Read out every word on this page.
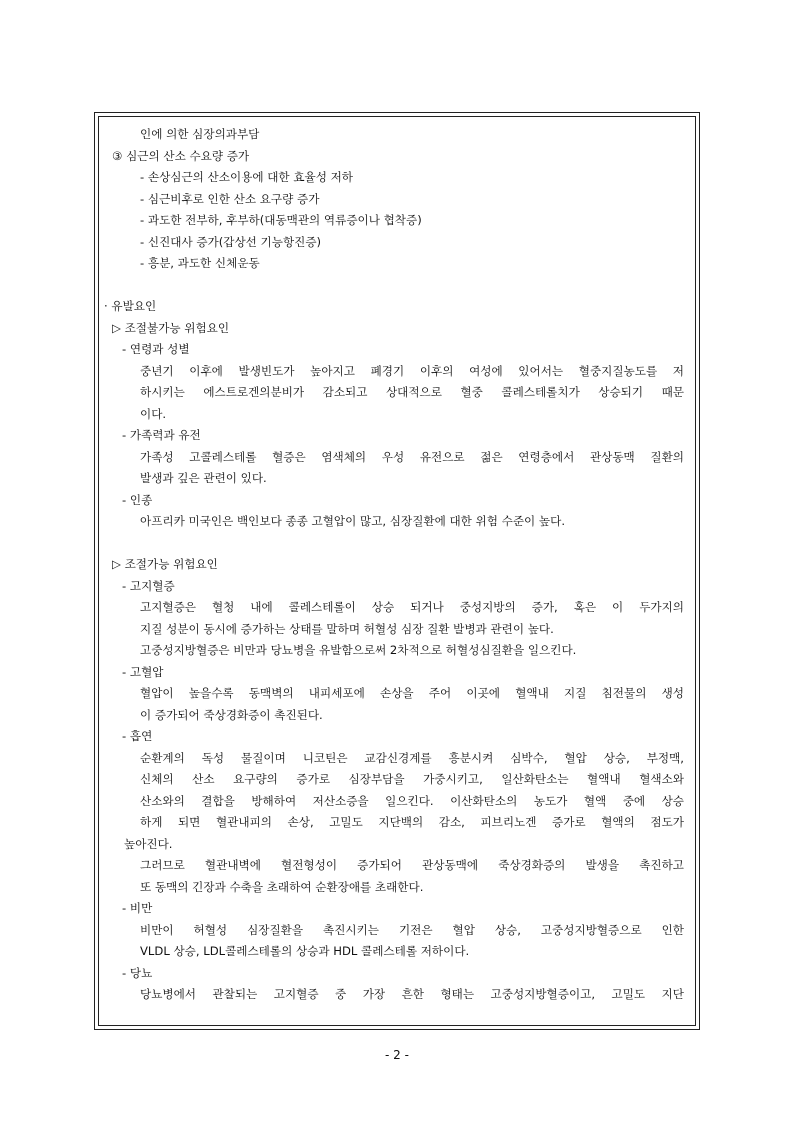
인에 의한 심장의과부담
③ 심근의 산소 수요량 증가
- 손상심근의 산소이용에 대한 효율성 저하
- 심근비후로 인한 산소 요구량 증가
- 과도한 전부하, 후부하(대동맥관의 역류증이나 협착증)
- 신진대사 증가(갑상선 기능항진증)
- 흥분, 과도한 신체운동
· 유발요인
▷ 조절불가능 위험요인
- 연령과 성별
중년기 이후에 발생빈도가 높아지고 폐경기 이후의 여성에 있어서는 혈중지질농도를 저
하시키는 에스트로겐의분비가 감소되고 상대적으로 혈중 콜레스테롤치가 상승되기 때문
이다.
- 가족력과 유전
가족성 고콜레스테롤 혈증은 염색체의 우성 유전으로 젊은 연령층에서 관상동맥 질환의
발생과 깊은 관련이 있다.
- 인종
아프리카 미국인은 백인보다 종종 고혈압이 많고, 심장질환에 대한 위험 수준이 높다.
▷ 조절가능 위험요인
- 고지혈증
고지혈증은 혈청 내에 콜레스테롤이 상승 되거나 중성지방의 증가, 혹은 이 두가지의
지질 성분이 동시에 증가하는 상태를 말하며 허혈성 심장 질환 발병과 관련이 높다.
고중성지방혈증은 비만과 당뇨병을 유발함으로써 2차적으로 허혈성심질환을 일으킨다.
- 고혈압
혈압이 높을수록 동맥벽의 내피세포에 손상을 주어 이곳에 혈액내 지질 침전물의 생성
이 증가되어 죽상경화증이 촉진된다.
- 흡연
순환계의 독성 물질이며 니코틴은 교감신경계를 흥분시켜 심박수, 혈압 상승, 부정맥,
신체의 산소 요구량의 증가로 심장부담을 가중시키고, 일산화탄소는 혈액내 혈색소와
산소와의 결합을 방해하여 저산소증을 일으킨다. 이산화탄소의 농도가 혈액 중에 상승
하게 되면 혈관내피의 손상, 고밀도 지단백의 감소, 피브리노겐 증가로 혈액의 점도가
높아진다.
그러므로 혈관내벽에 혈전형성이 증가되어 관상동맥에 죽상경화증의 발생을 촉진하고
또 동맥의 긴장과 수축을 초래하여 순환장애를 초래한다.
- 비만
비만이 허혈성 심장질환을 촉진시키는 기전은 혈압 상승, 고중성지방혈증으로 인한
VLDL 상승, LDL콜레스테롤의 상승과 HDL 콜레스테롤 저하이다.
- 당뇨
당뇨병에서 관찰되는 고지혈증 중 가장 흔한 형태는 고중성지방혈증이고, 고밀도 지단
- 2 -
